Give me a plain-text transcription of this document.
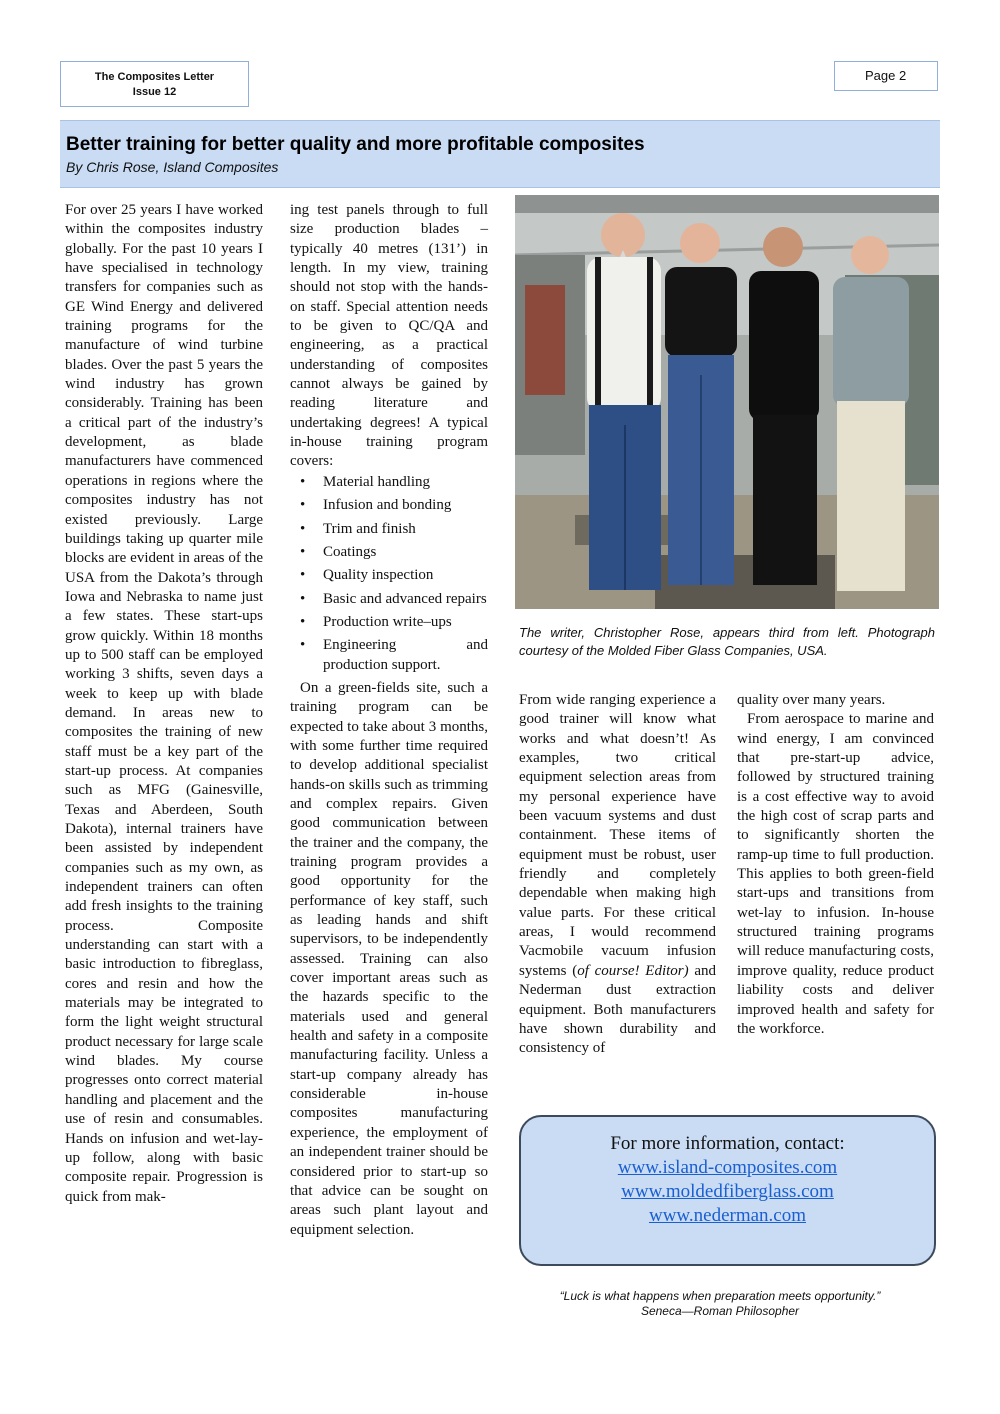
The Composites Letter
Issue 12
Page 2
Better training for better quality and more profitable composites
By Chris Rose, Island Composites

For over 25 years I have worked within the composites industry globally. For the past 10 years I have specialised in technology transfers for companies such as GE Wind Energy and delivered training programs for the manufacture of wind turbine blades. Over the past 5 years the wind industry has grown considerably. Training has been a critical part of the industry’s development, as blade manufacturers have commenced operations in regions where the composites industry has not existed previously. Large buildings taking up quarter mile blocks are evident in areas of the USA from the Dakota’s through Iowa and Nebraska to name just a few states. These start-ups grow quickly. Within 18 months up to 500 staff can be employed working 3 shifts, seven days a week to keep up with blade demand. In areas new to composites the training of new staff must be a key part of the start-up process. At companies such as MFG (Gainesville, Texas and Aberdeen, South Dakota), internal trainers have been assisted by independent companies such as my own, as independent trainers can often add fresh insights to the training process. Composite understanding can start with a basic introduction to fibreglass, cores and resin and how the materials may be integrated to form the light weight structural product necessary for large scale wind blades. My course progresses onto correct material handling and placement and the use of resin and consumables. Hands on infusion and wet-lay-up follow, along with basic composite repair. Progression is quick from mak-

ing test panels through to full size production blades – typically 40 metres (131’) in length. In my view, training should not stop with the hands-on staff. Special attention needs to be given to QC/QA and engineering, as a practical understanding of composites cannot always be gained by reading literature and undertaking degrees! A typical in-house training program covers:

• Material handling
• Infusion and bonding
• Trim and finish
• Coatings
• Quality inspection
• Basic and advanced repairs
• Production write–ups
• Engineering and production support.

On a green-fields site, such a training program can be expected to take about 3 months, with some further time required to develop additional specialist hands-on skills such as trimming and complex repairs. Given good communication between the trainer and the company, the training program provides a good opportunity for the performance of key staff, such as leading hands and shift supervisors, to be independently assessed. Training can also cover important areas such as the hazards specific to the materials used and general health and safety in a composite manufacturing facility. Unless a start-up company already has considerable in-house composites manufacturing experience, the employment of an independent trainer should be considered prior to start-up so that advice can be sought on areas such plant layout and equipment selection.

The writer, Christopher Rose, appears third from left. Photograph courtesy of the Molded Fiber Glass Companies, USA.

From wide ranging experience a good trainer will know what works and what doesn’t! As examples, two critical equipment selection areas from my personal experience have been vacuum systems and dust containment. These items of equipment must be robust, user friendly and completely dependable when making high value parts. For these critical areas, I would recommend Vacmobile vacuum infusion systems (of course! Editor) and Nederman dust extraction equipment. Both manufacturers have shown durability and consistency of

quality over many years.

From aerospace to marine and wind energy, I am convinced that pre-start-up advice, followed by structured training is a cost effective way to avoid the high cost of scrap parts and to significantly shorten the ramp-up time to full production. This applies to both green-field start-ups and transitions from wet-lay to infusion. In-house structured training programs will reduce manufacturing costs, improve quality, reduce product liability costs and deliver improved health and safety for the workforce.

For more information, contact:
www.island-composites.com
www.moldedfiberglass.com
www.nederman.com
“Luck is what happens when preparation meets opportunity.”
Seneca—Roman Philosopher
